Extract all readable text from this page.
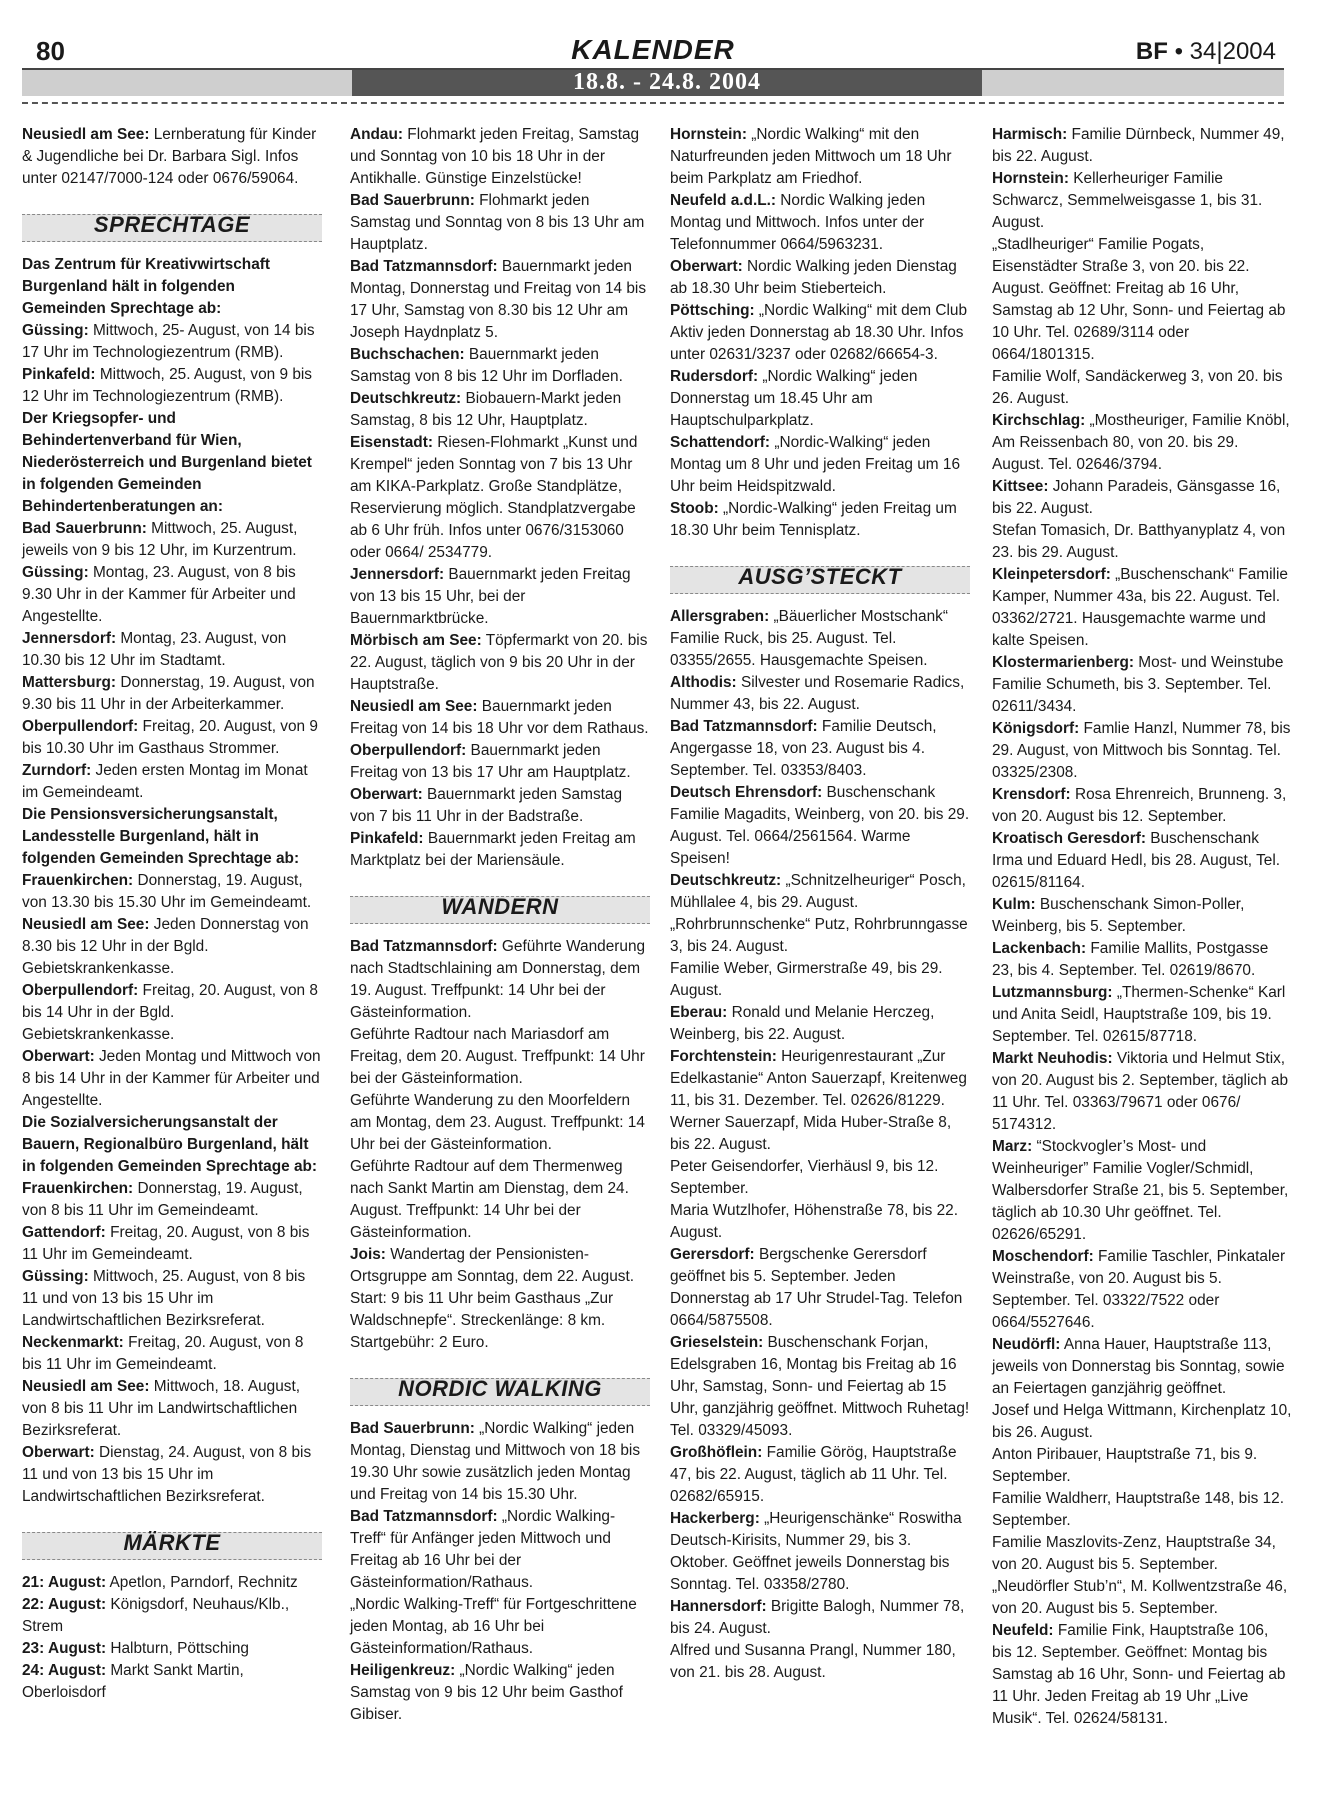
18.8. - 24.8. 2004
80	KALENDER	BF • 34|2004

Neusiedl am See: Lernberatung für Kinder & Jugendliche bei Dr. Barbara Sigl. Infos unter 02147/7000-124 oder 0676/59064.

SPRECHTAGE

Das Zentrum für Kreativwirtschaft Burgenland hält in folgenden Gemeinden Sprechtage ab:

Güssing: Mittwoch, 25- August, von 14 bis 17 Uhr im Technologiezentrum (RMB).

Pinkafeld: Mittwoch, 25. August, von 9 bis 12 Uhr im Technologiezentrum (RMB).

Der Kriegsopfer- und Behindertenverband für Wien, Niederösterreich und Burgenland bietet in folgenden Gemeinden Behindertenberatungen an:

Bad Sauerbrunn: Mittwoch, 25. August, jeweils von 9 bis 12 Uhr, im Kurzentrum.

Güssing: Montag, 23. August, von 8 bis 9.30 Uhr in der Kammer für Arbeiter und Angestellte.

Jennersdorf: Montag, 23. August, von 10.30 bis 12 Uhr im Stadtamt.

Mattersburg: Donnerstag, 19. August, von 9.30 bis 11 Uhr in der Arbeiterkammer.

Oberpullendorf: Freitag, 20. August, von 9 bis 10.30 Uhr im Gasthaus Strommer.

Zurndorf: Jeden ersten Montag im Monat im Gemeindeamt.

Die Pensionsversicherungsanstalt, Landesstelle Burgenland, hält in folgenden Gemeinden Sprechtage ab:

Frauenkirchen: Donnerstag, 19. August, von 13.30 bis 15.30 Uhr im Gemeindeamt.

Neusiedl am See: Jeden Donnerstag von 8.30 bis 12 Uhr in der Bgld. Gebietskrankenkasse.

Oberpullendorf: Freitag, 20. August, von 8 bis 14 Uhr in der Bgld. Gebietskrankenkasse.

Oberwart: Jeden Montag und Mittwoch von 8 bis 14 Uhr in der Kammer für Arbeiter und Angestellte.

Die Sozialversicherungsanstalt der Bauern, Regionalbüro Burgenland, hält in folgenden Gemeinden Sprechtage ab:

Frauenkirchen: Donnerstag, 19. August, von 8 bis 11 Uhr im Gemeindeamt.

Gattendorf: Freitag, 20. August, von 8 bis 11 Uhr im Gemeindeamt.

Güssing: Mittwoch, 25. August, von 8 bis 11 und von 13 bis 15 Uhr im Landwirtschaftlichen Bezirksreferat.

Neckenmarkt: Freitag, 20. August, von 8 bis 11 Uhr im Gemeindeamt.

Neusiedl am See: Mittwoch, 18. August, von 8 bis 11 Uhr im Landwirtschaftlichen Bezirksreferat.

Oberwart: Dienstag, 24. August, von 8 bis 11 und von 13 bis 15 Uhr im Landwirtschaftlichen Bezirksreferat.

MÄRKTE

21: August: Apetlon, Parndorf, Rechnitz

22: August: Königsdorf, Neuhaus/Klb., Strem

23: August: Halbturn, Pöttsching

24: August: Markt Sankt Martin, Oberloisdorf

Andau: Flohmarkt jeden Freitag, Samstag und Sonntag von 10 bis 18 Uhr in der Antikhalle. Günstige Einzelstücke!

Bad Sauerbrunn: Flohmarkt jeden Samstag und Sonntag von 8 bis 13 Uhr am Hauptplatz.

Bad Tatzmannsdorf: Bauernmarkt jeden Montag, Donnerstag und Freitag von 14 bis 17 Uhr, Samstag von 8.30 bis 12 Uhr am Joseph Haydnplatz 5.

Buchschachen: Bauernmarkt jeden Samstag von 8 bis 12 Uhr im Dorfladen.

Deutschkreutz: Biobauern-Markt jeden Samstag, 8 bis 12 Uhr, Hauptplatz.

Eisenstadt: Riesen-Flohmarkt „Kunst und Krempel“ jeden Sonntag von 7 bis 13 Uhr am KIKA-Parkplatz. Große Standplätze, Reservierung möglich. Standplatzvergabe ab 6 Uhr früh. Infos unter 0676/3153060 oder 0664/ 2534779.

Jennersdorf: Bauernmarkt jeden Freitag von 13 bis 15 Uhr, bei der Bauernmarktbrücke.

Mörbisch am See: Töpfermarkt von 20. bis 22. August, täglich von 9 bis 20 Uhr in der Hauptstraße.

Neusiedl am See: Bauernmarkt jeden Freitag von 14 bis 18 Uhr vor dem Rathaus.

Oberpullendorf: Bauernmarkt jeden Freitag von 13 bis 17 Uhr am Hauptplatz.

Oberwart: Bauernmarkt jeden Samstag von 7 bis 11 Uhr in der Badstraße.

Pinkafeld: Bauernmarkt jeden Freitag am Marktplatz bei der Mariensäule.

WANDERN

Bad Tatzmannsdorf: Geführte Wanderung nach Stadtschlaining am Donnerstag, dem 19. August. Treffpunkt: 14 Uhr bei der Gästeinformation.

Geführte Radtour nach Mariasdorf am Freitag, dem 20. August. Treffpunkt: 14 Uhr bei der Gästeinformation.

Geführte Wanderung zu den Moorfeldern am Montag, dem 23. August. Treffpunkt: 14 Uhr bei der Gästeinformation.

Geführte Radtour auf dem Thermenweg nach Sankt Martin am Dienstag, dem 24. August. Treffpunkt: 14 Uhr bei der Gästeinformation.

Jois: Wandertag der Pensionisten-Ortsgruppe am Sonntag, dem 22. August. Start: 9 bis 11 Uhr beim Gasthaus „Zur Waldschnepfe“. Streckenlänge: 8 km. Startgebühr: 2 Euro.

NORDIC WALKING

Bad Sauerbrunn: „Nordic Walking“ jeden Montag, Dienstag und Mittwoch von 18 bis 19.30 Uhr sowie zusätzlich jeden Montag und Freitag von 14 bis 15.30 Uhr.

Bad Tatzmannsdorf: „Nordic Walking-Treff“ für Anfänger jeden Mittwoch und Freitag ab 16 Uhr bei der Gästeinformation/Rathaus.

„Nordic Walking-Treff“ für Fortgeschrittene jeden Montag, ab 16 Uhr bei Gästeinformation/Rathaus.

Heiligenkreuz: „Nordic Walking“ jeden Samstag von 9 bis 12 Uhr beim Gasthof Gibiser.

Hornstein: „Nordic Walking“ mit den Naturfreunden jeden Mittwoch um 18 Uhr beim Parkplatz am Friedhof.

Neufeld a.d.L.: Nordic Walking jeden Montag und Mittwoch. Infos unter der Telefonnummer 0664/5963231.

Oberwart: Nordic Walking jeden Dienstag ab 18.30 Uhr beim Stieberteich.

Pöttsching: „Nordic Walking“ mit dem Club Aktiv jeden Donnerstag ab 18.30 Uhr. Infos unter 02631/3237 oder 02682/66654-3.

Rudersdorf: „Nordic Walking“ jeden Donnerstag um 18.45 Uhr am Hauptschulparkplatz.

Schattendorf: „Nordic-Walking“ jeden Montag um 8 Uhr und jeden Freitag um 16 Uhr beim Heidspitzwald.

Stoob: „Nordic-Walking“ jeden Freitag um 18.30 Uhr beim Tennisplatz.

AUSG’STECKT

Allersgraben: „Bäuerlicher Mostschank“ Familie Ruck, bis 25. August. Tel. 03355/2655. Hausgemachte Speisen.

Althodis: Silvester und Rosemarie Radics, Nummer 43, bis 22. August.

Bad Tatzmannsdorf: Familie Deutsch, Angergasse 18, von 23. August bis 4. September. Tel. 03353/8403.

Deutsch Ehrensdorf: Buschenschank Familie Magadits, Weinberg, von 20. bis 29. August. Tel. 0664/2561564. Warme Speisen!

Deutschkreutz: „Schnitzelheuriger“ Posch, Mühllalee 4, bis 29. August.

„Rohrbrunnschenke“ Putz, Rohrbrunngasse 3, bis 24. August.

Familie Weber, Girmerstraße 49, bis 29. August.

Eberau: Ronald und Melanie Herczeg, Weinberg, bis 22. August.

Forchtenstein: Heurigenrestaurant „Zur Edelkastanie“ Anton Sauerzapf, Kreitenweg 11, bis 31. Dezember. Tel. 02626/81229.

Werner Sauerzapf, Mida Huber-Straße 8, bis 22. August.

Peter Geisendorfer, Vierhäusl 9, bis 12. September.

Maria Wutzlhofer, Höhenstraße 78, bis 22. August.

Gerersdorf: Bergschenke Gerersdorf geöffnet bis 5. September. Jeden Donnerstag ab 17 Uhr Strudel-Tag. Telefon 0664/5875508.

Grieselstein: Buschenschank Forjan, Edelsgraben 16, Montag bis Freitag ab 16 Uhr, Samstag, Sonn- und Feiertag ab 15 Uhr, ganzjährig geöffnet. Mittwoch Ruhetag! Tel. 03329/45093.

Großhöflein: Familie Görög, Hauptstraße 47, bis 22. August, täglich ab 11 Uhr. Tel. 02682/65915.

Hackerberg: „Heurigenschänke“ Roswitha Deutsch-Kirisits, Nummer 29, bis 3. Oktober. Geöffnet jeweils Donnerstag bis Sonntag. Tel. 03358/2780.

Hannersdorf: Brigitte Balogh, Nummer 78, bis 24. August.

Alfred und Susanna Prangl, Nummer 180, von 21. bis 28. August.

Harmisch: Familie Dürnbeck, Nummer 49, bis 22. August.

Hornstein: Kellerheuriger Familie Schwarcz, Semmelweisgasse 1, bis 31. August.

„Stadlheuriger“ Familie Pogats, Eisenstädter Straße 3, von 20. bis 22. August. Geöffnet: Freitag ab 16 Uhr, Samstag ab 12 Uhr, Sonn- und Feiertag ab 10 Uhr. Tel. 02689/3114 oder 0664/1801315.

Familie Wolf, Sandäckerweg 3, von 20. bis 26. August.

Kirchschlag: „Mostheuriger, Familie Knöbl, Am Reissenbach 80, von 20. bis 29. August. Tel. 02646/3794.

Kittsee: Johann Paradeis, Gänsgasse 16, bis 22. August.

Stefan Tomasich, Dr. Batthyanyplatz 4, von 23. bis 29. August.

Kleinpetersdorf: „Buschenschank“ Familie Kamper, Nummer 43a, bis 22. August. Tel. 03362/2721. Hausgemachte warme und kalte Speisen.

Klostermarienberg: Most- und Weinstube Familie Schumeth, bis 3. September. Tel. 02611/3434.

Königsdorf: Famlie Hanzl, Nummer 78, bis 29. August, von Mittwoch bis Sonntag. Tel. 03325/2308.

Krensdorf: Rosa Ehrenreich, Brunneng. 3, von 20. August bis 12. September.

Kroatisch Geresdorf: Buschenschank Irma und Eduard Hedl, bis 28. August, Tel. 02615/81164.

Kulm: Buschenschank Simon-Poller, Weinberg, bis 5. September.

Lackenbach: Familie Mallits, Postgasse 23, bis 4. September. Tel. 02619/8670.

Lutzmannsburg: „Thermen-Schenke“ Karl und Anita Seidl, Hauptstraße 109, bis 19. September. Tel. 02615/87718.

Markt Neuhodis: Viktoria und Helmut Stix, von 20. August bis 2. September, täglich ab 11 Uhr. Tel. 03363/79671 oder 0676/ 5174312.

Marz: “Stockvogler’s Most- und Weinheuriger” Familie Vogler/Schmidl, Walbersdorfer Straße 21, bis 5. September, täglich ab 10.30 Uhr geöffnet. Tel. 02626/65291.

Moschendorf: Familie Taschler, Pinkataler Weinstraße, von 20. August bis 5. September. Tel. 03322/7522 oder 0664/5527646.

Neudörfl: Anna Hauer, Hauptstraße 113, jeweils von Donnerstag bis Sonntag, sowie an Feiertagen ganzjährig geöffnet.

Josef und Helga Wittmann, Kirchenplatz 10, bis 26. August.

Anton Piribauer, Hauptstraße 71, bis 9. September.

Familie Waldherr, Hauptstraße 148, bis 12. September.

Familie Maszlovits-Zenz, Hauptstraße 34, von 20. August bis 5. September.

„Neudörfler Stub’n“, M. Kollwentzstraße 46, von 20. August bis 5. September.

Neufeld: Familie Fink, Hauptstraße 106, bis 12. September. Geöffnet: Montag bis Samstag ab 16 Uhr, Sonn- und Feiertag ab 11 Uhr. Jeden Freitag ab 19 Uhr „Live Musik“. Tel. 02624/58131.
